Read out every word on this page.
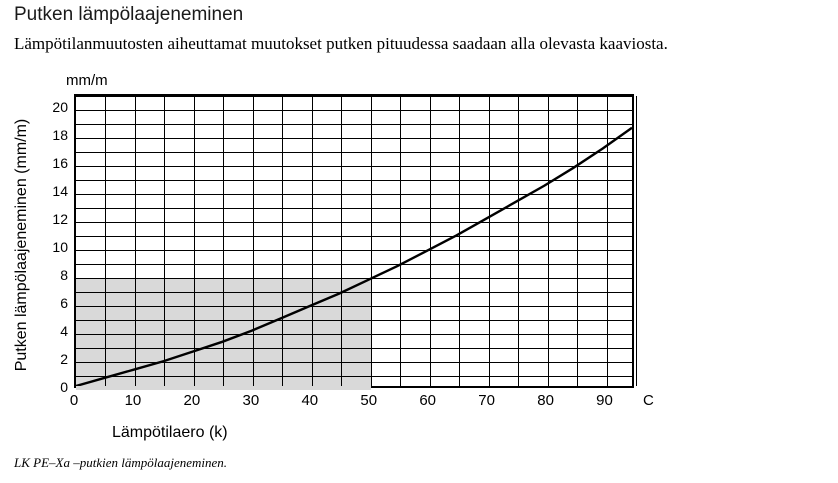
Putken lämpölaajeneminen
Lämpötilanmuutosten aiheuttamat muutokset putken pituudessa saadaan alla olevasta kaaviosta.
Putken lämpölaajeneminen (mm/m)
mm/m
0	10	20	30	40	50	60	70	80	90
0
2
4
6
8
10
12
14
16
18
20
C
Lämpötilaero (k)
LK PE–Xa –putkien lämpölaajeneminen.
